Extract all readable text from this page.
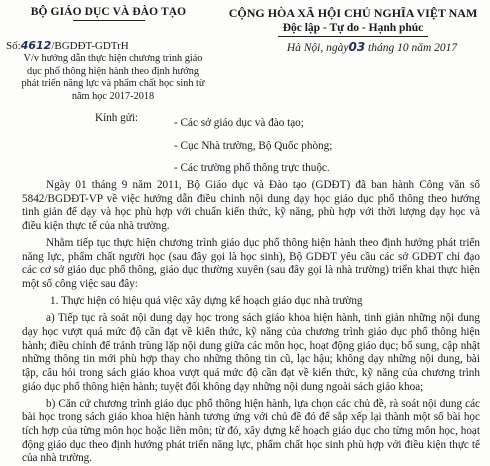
BỘ GIÁO DỤC VÀ ĐÀO TẠO	CỘNG HÒA XÃ HỘI CHỦ NGHĨA VIỆT NAM
Độc lập - Tự do - Hạnh phúc
Số:4612/BGDĐT-GDTrH
V/v hướng dẫn thực hiện chương trình giáo dục phổ thông hiện hành theo định hướng phát triển năng lực và phẩm chất học sinh từ năm học 2017-2018
Hà Nội, ngày03 tháng 10 năm 2017
Kính gửi:	- Các sở giáo dục và đào tạo;
- Cục Nhà trường, Bộ Quốc phòng;
- Các trường phổ thông trực thuộc.

Ngày 01 tháng 9 năm 2011, Bộ Giáo dục và Đào tạo (GDĐT) đã ban hành Công văn số 5842/BGDĐT-VP về việc hướng dẫn điều chỉnh nội dung dạy học giáo dục phổ thông theo hướng tinh giản để dạy và học phù hợp với chuẩn kiến thức, kỹ năng, phù hợp với thời lượng dạy học và điều kiện thực tế của nhà trường.

Nhằm tiếp tục thực hiện chương trình giáo dục phổ thông hiện hành theo định hướng phát triển năng lực, phẩm chất người học (sau đây gọi là học sinh), Bộ GDĐT yêu cầu các sở GDĐT chỉ đạo các cơ sở giáo dục phổ thông, giáo dục thường xuyên (sau đây gọi là nhà trường) triển khai thực hiện một số công việc sau đây:

1. Thực hiện có hiệu quả việc xây dựng kế hoạch giáo dục nhà trường

a) Tiếp tục rà soát nội dung dạy học trong sách giáo khoa hiện hành, tinh giản những nội dung dạy học vượt quá mức độ cần đạt về kiến thức, kỹ năng của chương trình giáo dục phổ thông hiện hành; điều chỉnh để tránh trùng lặp nội dung giữa các môn học, hoạt động giáo dục; bổ sung, cập nhật những thông tin mới phù hợp thay cho những thông tin cũ, lạc hậu; không dạy những nội dung, bài tập, câu hỏi trong sách giáo khoa vượt quá mức độ cần đạt về kiến thức, kỹ năng của chương trình giáo dục phổ thông hiện hành; tuyệt đối không dạy những nội dung ngoài sách giáo khoa;

b) Căn cứ chương trình giáo dục phổ thông hiện hành, lựa chọn các chủ đề, rà soát nội dung các bài học trong sách giáo khoa hiện hành tương ứng với chủ đề đó để sắp xếp lại thành một số bài học tích hợp của từng môn học hoặc liên môn; từ đó, xây dựng kế hoạch giáo dục cho từng môn học, hoạt động giáo dục theo định hướng phát triển năng lực, phẩm chất học sinh phù hợp với điều kiện thực tế của nhà trường.
